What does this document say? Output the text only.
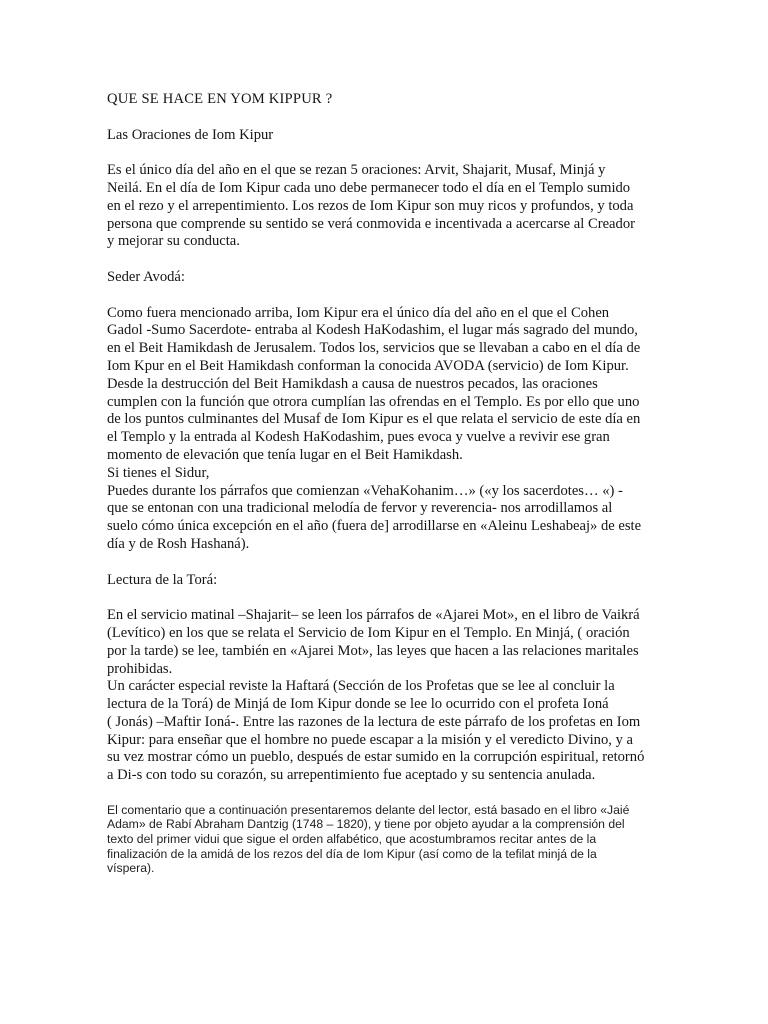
QUE SE HACE EN YOM KIPPUR ?

Las Oraciones de Iom Kipur

Es el único día del año en el que se rezan 5 oraciones: Arvit, Shajarit, Musaf, Minjá y
Neilá. En el día de Iom Kipur cada uno debe permanecer todo el día en el Templo sumido
en el rezo y el arrepentimiento. Los rezos de Iom Kipur son muy ricos y profundos, y toda
persona que comprende su sentido se verá conmovida e incentivada a acercarse al Creador
y mejorar su conducta.

Seder Avodá:

Como fuera mencionado arriba, Iom Kipur era el único día del año en el que el Cohen
Gadol -Sumo Sacerdote- entraba al Kodesh HaKodashim, el lugar más sagrado del mundo,
en el Beit Hamikdash de Jerusalem. Todos los, servicios que se llevaban a cabo en el día de
Iom Kpur en el Beit Hamikdash conforman la conocida AVODA (servicio) de Iom Kipur.
Desde la destrucción del Beit Hamikdash a causa de nuestros pecados, las oraciones
cumplen con la función que otrora cumplían las ofrendas en el Templo. Es por ello que uno
de los puntos culminantes del Musaf de Iom Kipur es el que relata el servicio de este día en
el Templo y la entrada al Kodesh HaKodashim, pues evoca y vuelve a revivir ese gran
momento de elevación que tenía lugar en el Beit Hamikdash.
Si tienes el Sidur,
Puedes durante los párrafos que comienzan «VehaKohanim…» («y los sacerdotes… «) -
que se entonan con una tradicional melodía de fervor y reverencia- nos arrodillamos al
suelo cómo única excepción en el año (fuera de] arrodillarse en «Aleinu Leshabeaj» de este
día y de Rosh Hashaná).

Lectura de la Torá:

En el servicio matinal –Shajarit– se leen los párrafos de «Ajarei Mot», en el libro de Vaikrá
(Levítico) en los que se relata el Servicio de Iom Kipur en el Templo. En Minjá, ( oración
por la tarde) se lee, también en «Ajarei Mot», las leyes que hacen a las relaciones maritales
prohibidas.
Un carácter especial reviste la Haftará (Sección de los Profetas que se lee al concluir la
lectura de la Torá) de Minjá de Iom Kipur donde se lee lo ocurrido con el profeta Ioná
( Jonás) –Maftir Ioná-. Entre las razones de la lectura de este párrafo de los profetas en Iom
Kipur: para enseñar que el hombre no puede escapar a la misión y el veredicto Divino, y a
su vez mostrar cómo un pueblo, después de estar sumido en la corrupción espiritual, retornó
a Di-s con todo su corazón, su arrepentimiento fue aceptado y su sentencia anulada.

El comentario que a continuación presentaremos delante del lector, está basado en el libro «Jaié
Adam» de Rabí Abraham Dantzig (1748 – 1820), y tiene por objeto ayudar a la comprensión del
texto del primer vidui que sigue el orden alfabético, que acostumbramos recitar antes de la
finalización de la amidá de los rezos del día de Iom Kipur (así como de la tefilat minjá de la
víspera).
